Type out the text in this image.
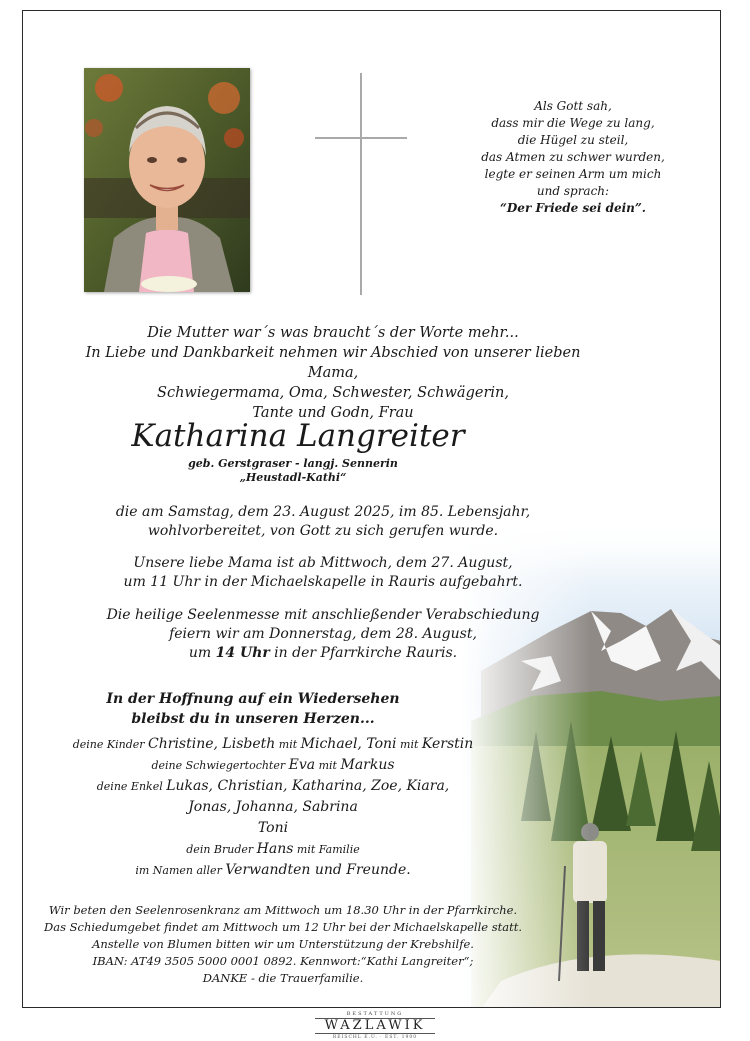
Als Gott sah,
dass mir die Wege zu lang,
die Hügel zu steil,
das Atmen zu schwer wurden,
legte er seinen Arm um mich
und sprach:
“Der Friede sei dein”.
Die Mutter war´s was braucht´s der Worte mehr...
In Liebe und Dankbarkeit nehmen wir Abschied von unserer lieben Mama,
Schwiegermama, Oma, Schwester, Schwägerin,
Tante und Godn, Frau
Katharina Langreiter
geb. Gerstgraser - langj. Sennerin
„Heustadl-Kathi“
die am Samstag, dem 23. August 2025, im 85. Lebensjahr,
wohlvorbereitet, von Gott zu sich gerufen wurde.
Unsere liebe Mama ist ab Mittwoch, dem 27. August,
um 11 Uhr in der Michaelskapelle in Rauris aufgebahrt.
Die heilige Seelenmesse mit anschließender Verabschiedung
feiern wir am Donnerstag, dem 28. August,
um 14 Uhr in der Pfarrkirche Rauris.
In der Hoffnung auf ein Wiedersehen
bleibst du in unseren Herzen...
deine Kinder Christine, Lisbeth mit Michael, Toni mit Kerstin
deine Schwiegertochter Eva mit Markus
deine Enkel Lukas, Christian, Katharina, Zoe, Kiara,
Jonas, Johanna, Sabrina
Toni
dein Bruder Hans mit Familie
im Namen aller Verwandten und Freunde.
Wir beten den Seelenrosenkranz am Mittwoch um 18.30 Uhr in der Pfarrkirche.
Das Schiedumgebet findet am Mittwoch um 12 Uhr bei der Michaelskapelle statt.
Anstelle von Blumen bitten wir um Unterstützung der Krebshilfe.
IBAN: AT49 3505 5000 0001 0892. Kennwort:“Kathi Langreiter“;
DANKE - die Trauerfamilie.
BESTATTUNG
WAZLAWIK
REISCHL E.U. · EST. 1900
